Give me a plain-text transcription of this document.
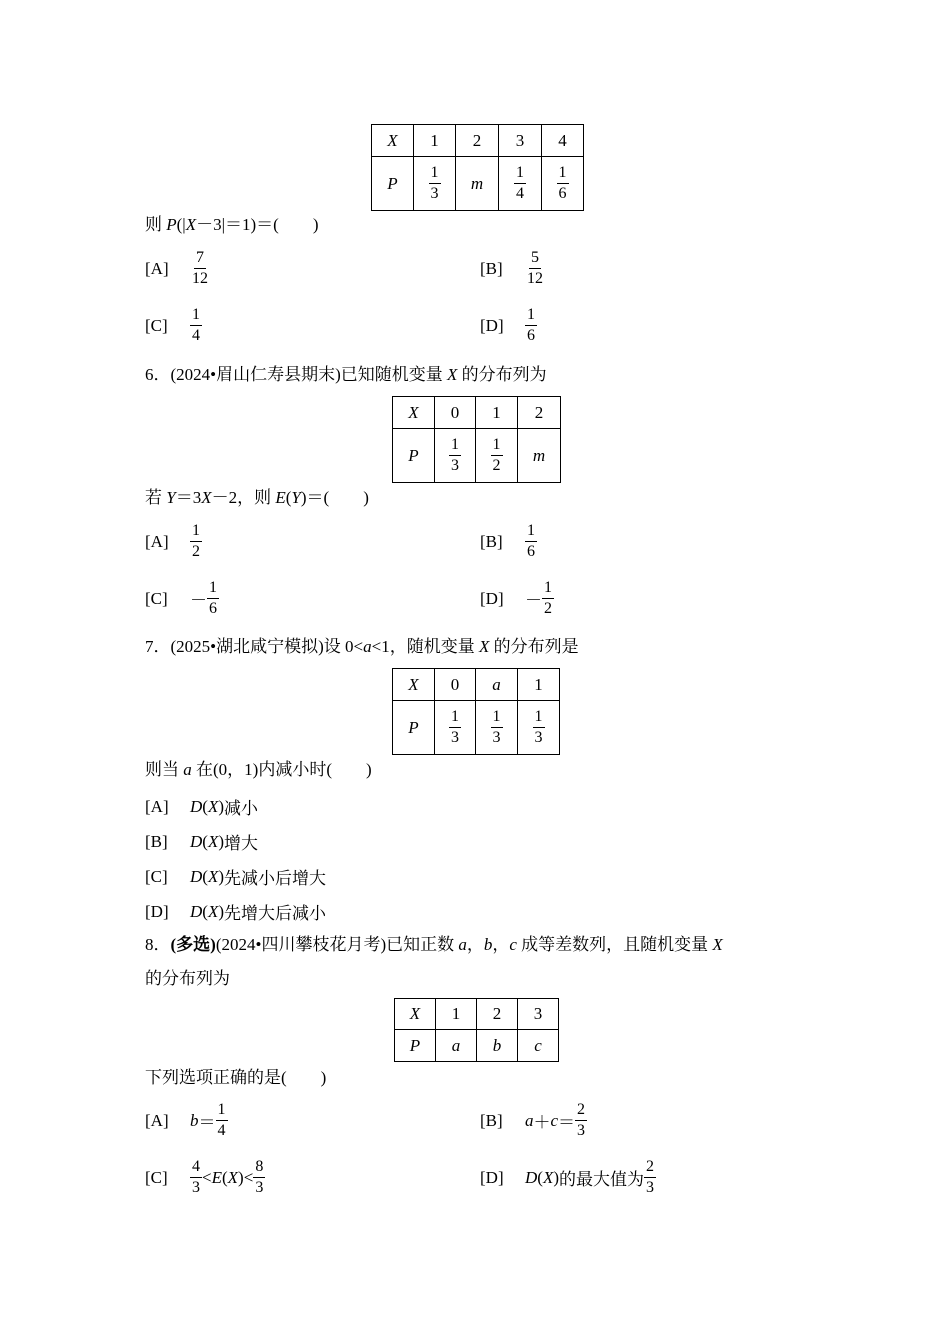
X	1	2	3	4
P	$\frac{1}{3}$	m	$\frac{1}{4}$	$\frac{1}{6}$
则 P(|X－3|＝1)＝(　　)
[A]	$\frac{7}{12}$	[B]	$\frac{5}{12}$
[C]	$\frac{1}{4}$	[D]	$\frac{1}{6}$
6．(2024•眉山仁寿县期末)已知随机变量 X 的分布列为
X	0	1	2
P	$\frac{1}{3}$	$\frac{1}{2}$	m
若 Y＝3X－2，则 E(Y)＝(　　)
[A]	$\frac{1}{2}$	[B]	$\frac{1}{6}$
[C]	－ $\frac{1}{6}$	[D]	－ $\frac{1}{2}$
7．(2025•湖北咸宁模拟)设 0<a<1，随机变量 X 的分布列是
X	0	a	1
P	$\frac{1}{3}$	$\frac{1}{3}$	$\frac{1}{3}$
则当 a 在(0，1)内减小时(　　)
[A]	D ( X ) 减小
[B]	D ( X ) 增大
[C]	D ( X ) 先减小后增大
[D]	D ( X ) 先增大后减小
8．(多选)(2024•四川攀枝花月考)已知正数 a，b，c 成等差数列，且随机变量 X
的分布列为
X	1	2	3
P	a	b	c
下列选项正确的是(　　)
[A]	$b = \frac{1}{4}$	[B]	$a + c = \frac{2}{3}$
[C]	$\frac{4}{3} < E$ ( X ) < $\frac{8}{3}$	[D]	D ( X ) 的最大值为 $\frac{2}{3}$
